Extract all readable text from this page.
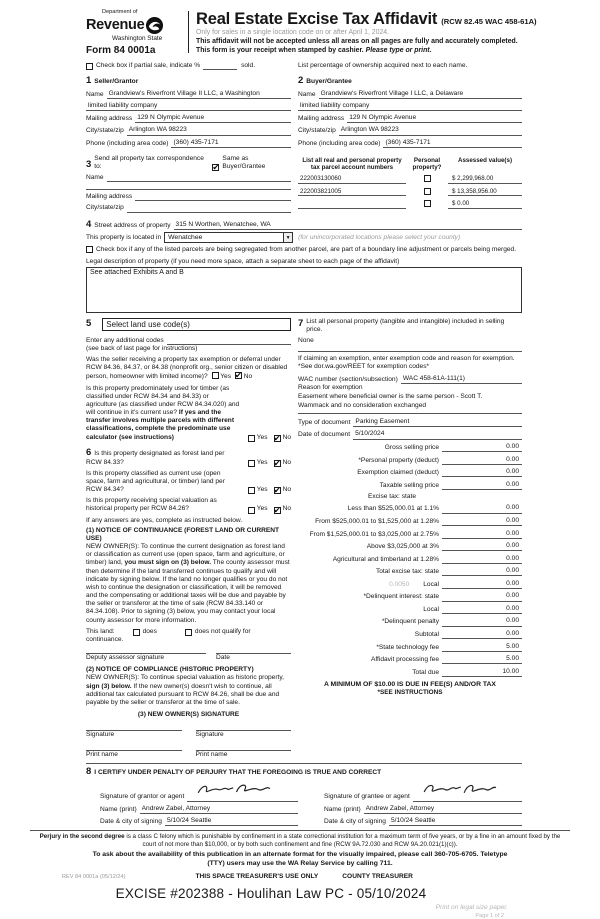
Department of
Revenue
Washington State
Form 84 0001a
Real Estate Excise Tax Affidavit (RCW 82.45 WAC 458-61A)
Only for sales in a single location code on or after April 1, 2024.
This affidavit will not be accepted unless all areas on all pages are fully and accurately completed.
This form is your receipt when stamped by cashier. Please type or print.
Check box if partial sale, indicate %	sold.	List percentage of ownership acquired next to each name.
1 Seller/Grantor
Name Grandview's Riverfront Village II LLC, a Washington
limited liability company
Mailing address 129 N Olympic Avenue
City/state/zip Arlington WA 98223
Phone (including area code) (360) 435-7171
2 Buyer/Grantee
Name Grandview's Riverfront Village I LLC, a Delaware
limited liability company
Mailing address 129 N Olympic Avenue
City/state/zip Arlington WA 98223
Phone (including area code) (360) 435-7171
3
Send all property tax correspondence to:
✔
Same as Buyer/Grantee
Name
Mailing address
City/state/zip
List all real and personal property tax parcel account numbers
Personal property?
Assessed value(s)
222003130060	$ 2,299,968.00
222003821005	$ 13,358,956.00
$ 0.00
4 Street address of property 315 N Worthen, Wenatchee, WA
This property is located in	Wenatchee	▼	(for unincorporated locations please select your county)
Check box if any of the listed parcels are being segregated from another parcel, are part of a boundary line adjustment or parcels being merged.
Legal description of property (if you need more space, attach a separate sheet to each page of the affidavit)
See attached Exhibits A and B
5	Select land use code(s)
Enter any additional codes
(see back of last page for instructions)
Was the seller receiving a property tax exemption or deferral under RCW 84.36, 84.37, or 84.38 (nonprofit org., senior citizen or disabled person, homeowner with limited income)? Yes ✔ No
Is this property predominately used for timber (as classified under RCW 84.34 and 84.33) or agriculture (as classified under RCW 84.34.020) and will continue in it's current use? If yes and the transfer involves multiple parcels with different classifications, complete the predominate use calculator (see instructions)	Yes ✔ No
6 Is this property designated as forest land per RCW 84.33?	Yes ✔ No
Is this property classified as current use (open space, farm and agricultural, or timber) land per RCW 84.34?	Yes ✔ No
Is this property receiving special valuation as historical property per RCW 84.26?	Yes ✔ No
If any answers are yes, complete as instructed below.
(1) NOTICE OF CONTINUANCE (FOREST LAND OR CURRENT USE)
NEW OWNER(S): To continue the current designation as forest land or classification as current use (open space, farm and agriculture, or timber) land, you must sign on (3) below. The county assessor must then determine if the land transferred continues to qualify and will indicate by signing below. If the land no longer qualifies or you do not wish to continue the designation or classification, it will be removed and the compensating or additional taxes will be due and payable by the seller or transferor at the time of sale (RCW 84.33.140 or 84.34.108). Prior to signing (3) below, you may contact your local county assessor for more information.
This land:	does	does not qualify for
continuance.
Deputy assessor signature	Date
(2) NOTICE OF COMPLIANCE (HISTORIC PROPERTY)
NEW OWNER(S): To continue special valuation as historic property, sign (3) below. If the new owner(s) doesn't wish to continue, all additional tax calculated pursuant to RCW 84.26, shall be due and payable by the seller or transferor at the time of sale.
(3) NEW OWNER(S) SIGNATURE
Signature	Signature
Print name	Print name
7 List all personal property (tangible and intangible) included in selling price.
None
If claiming an exemption, enter exemption code and reason for exemption. *See dor.wa.gov/REET for exemption codes*
WAC number (section/subsection) WAC 458-61A-111(1)
Reason for exemption
Easement where beneficial owner is the same person - Scott T.
Wammack and no consideration exchanged
Type of document Parking Easement
Date of document 5/10/2024
Gross selling price	0.00
*Personal property (deduct)	0.00
Exemption claimed (deduct)	0.00
Taxable selling price	0.00
Excise tax: state
Less than $525,000.01 at 1.1%	0.00
From $525,000.01 to $1,525,000 at 1.28%	0.00
From $1,525,000.01 to $3,025,000 at 2.75%	0.00
Above $3,025,000 at 3%	0.00
Agricultural and timberland at 1.28%	0.00
Total excise tax: state	0.00
0.0050 Local	0.00
*Delinquent interest: state	0.00
Local	0.00
*Delinquent penalty	0.00
Subtotal	0.00
*State technology fee	5.00
Affidavit processing fee	5.00
Total due	10.00
A MINIMUM OF $10.00 IS DUE IN FEE(S) AND/OR TAX
*SEE INSTRUCTIONS
8 I CERTIFY UNDER PENALTY OF PERJURY THAT THE FOREGOING IS TRUE AND CORRECT
Signature of grantor or agent
Name (print) Andrew Zabel, Attorney
Date & city of signing 5/10/24 Seattle
Signature of grantee or agent
Name (print) Andrew Zabel, Attorney
Date & city of signing 5/10/24 Seattle
Perjury in the second degree is a class C felony which is punishable by confinement in a state correctional institution for a maximum term of five years, or by a fine in an amount fixed by the court of not more than $10,000, or by both such confinement and fine (RCW 9A.72.030 and RCW 9A.20.021(1)(c)).
To ask about the availability of this publication in an alternate format for the visually impaired, please call 360-705-6705. Teletype (TTY) users may use the WA Relay Service by calling 711.
REV 84 0001a (05/12/24)	THIS SPACE TREASURER'S USE ONLY	COUNTY TREASURER
EXCISE #202388 - Houlihan Law PC - 05/10/2024
Print on legal size paper.
Page 1 of 2
